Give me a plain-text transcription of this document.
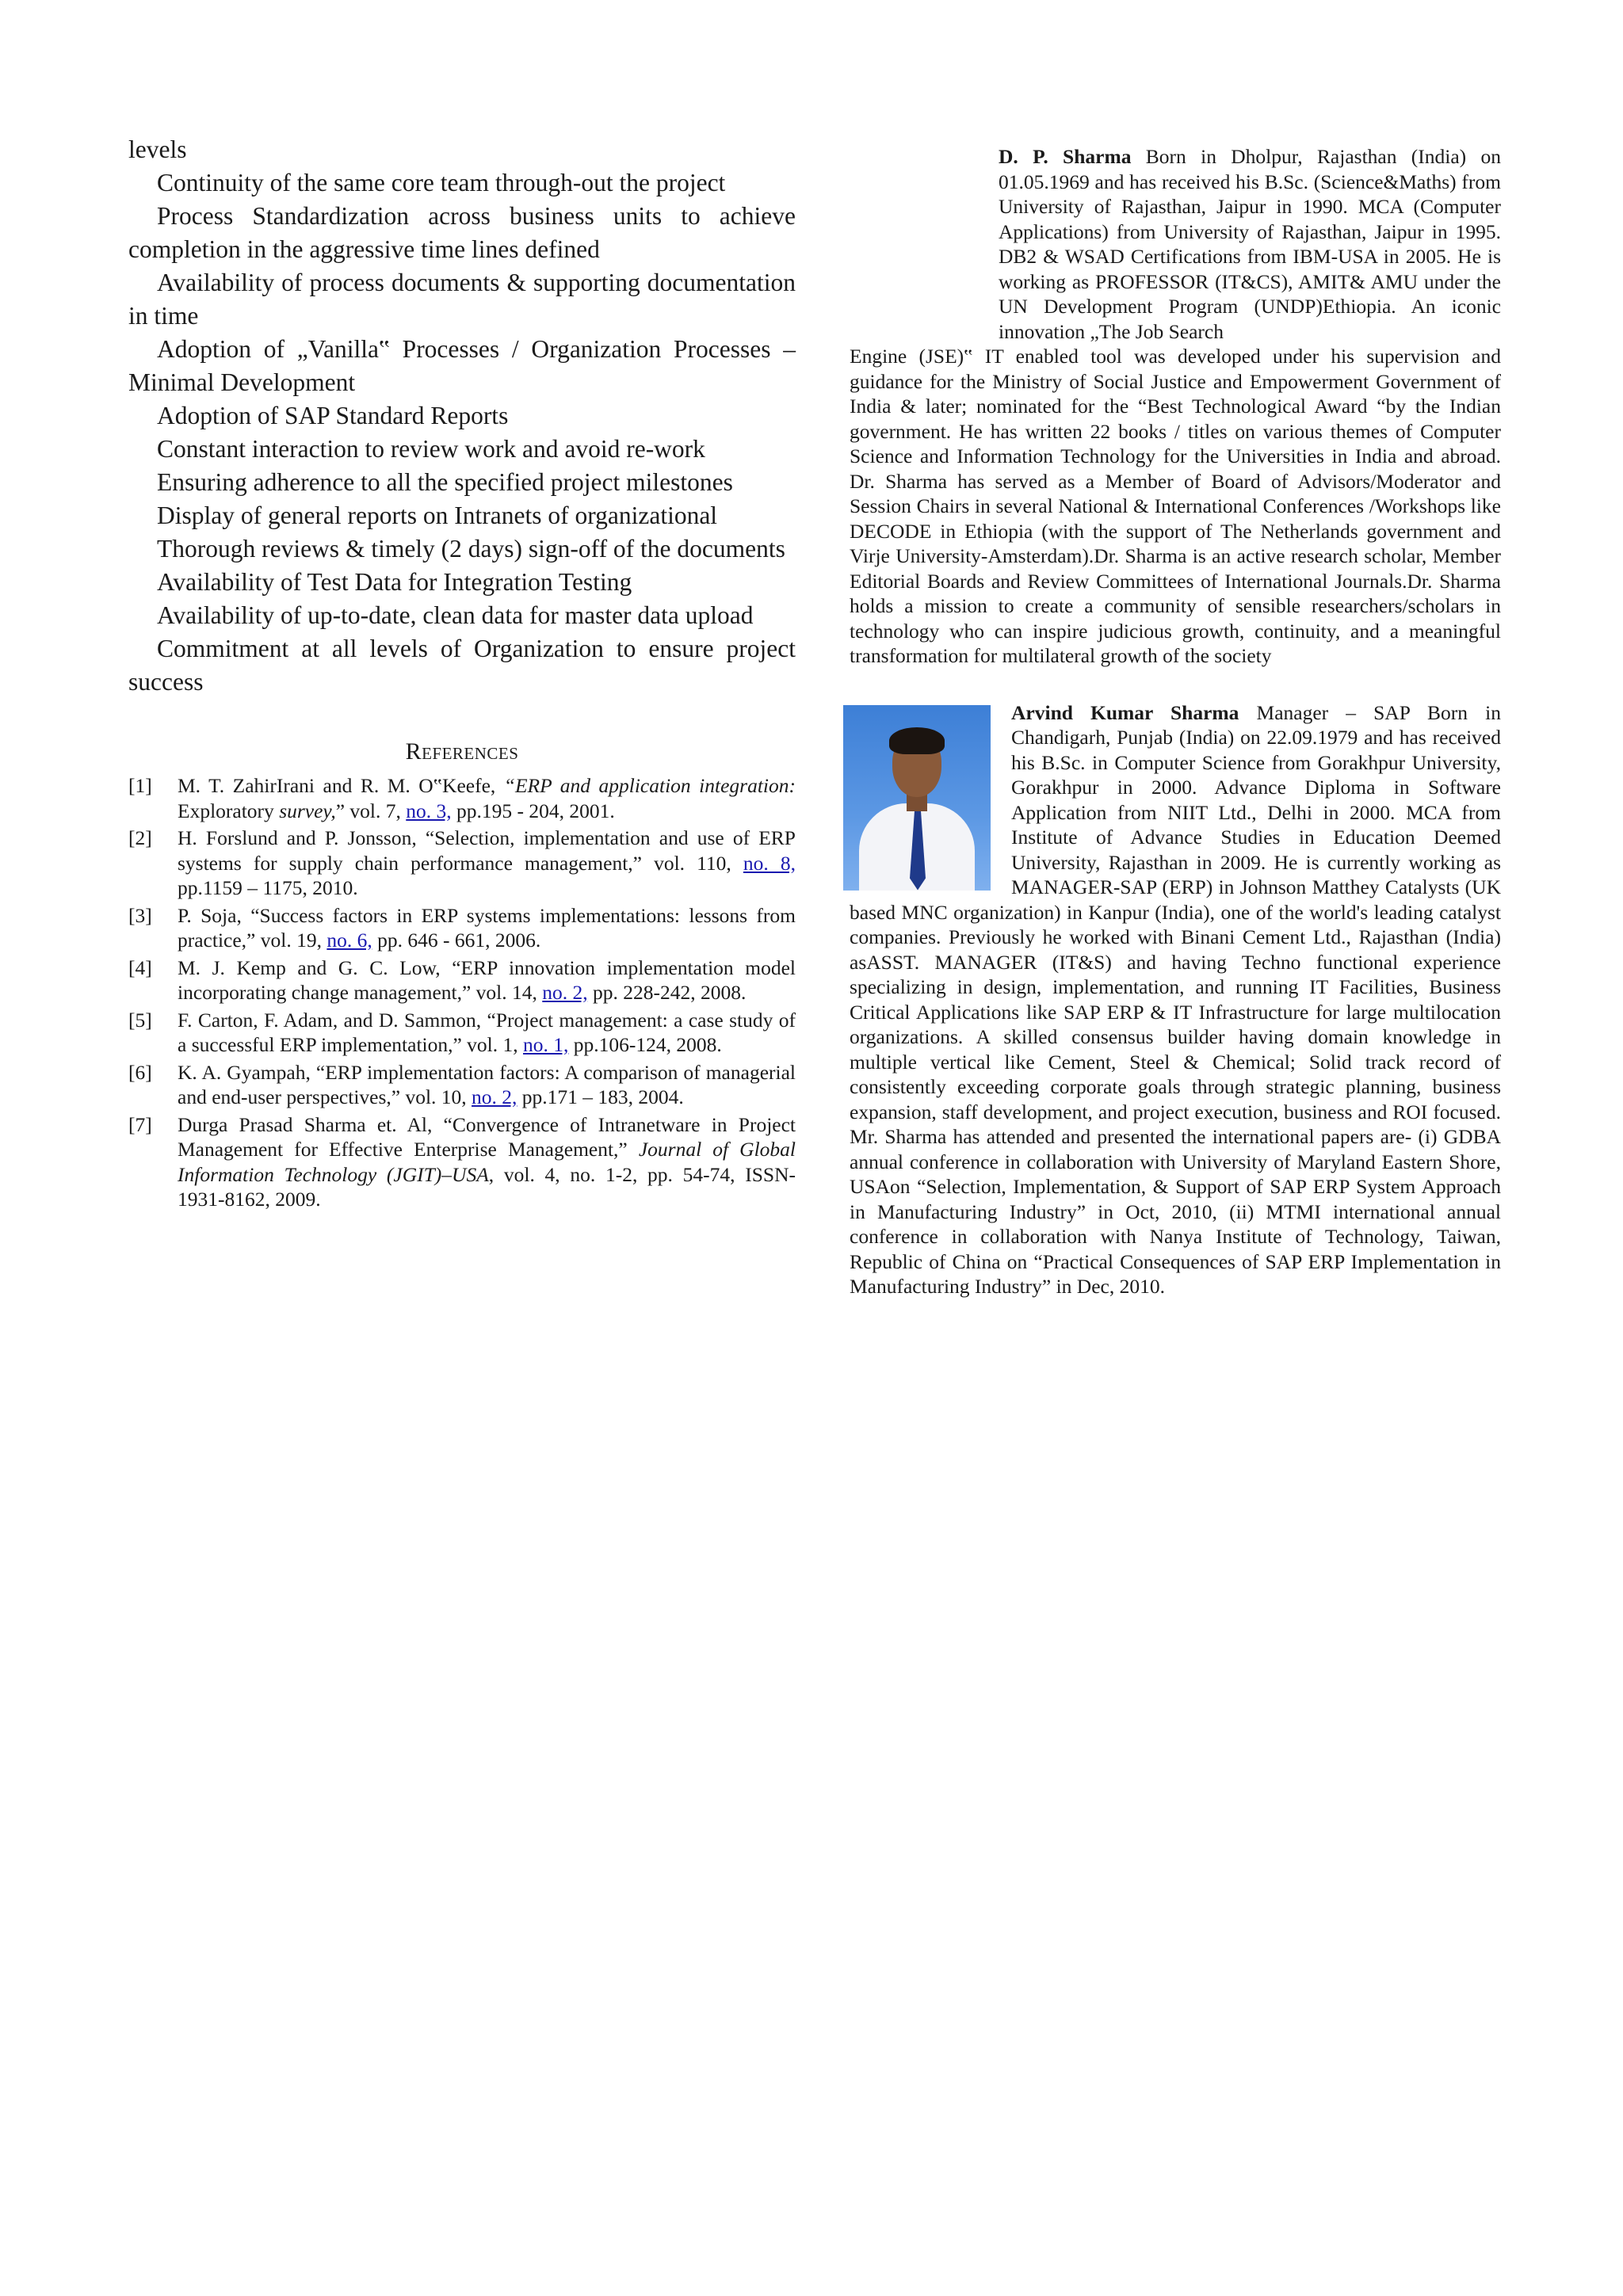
levels
Continuity of the same core team through-out the project
Process Standardization across business units to achieve completion in the aggressive time lines defined
Availability of process documents & supporting documentation in time
Adoption of „Vanilla‟ Processes / Organization Processes – Minimal Development
Adoption of SAP Standard Reports
Constant interaction to review work and avoid re-work
Ensuring adherence to all the specified project milestones
Display of general reports on Intranets of organizational
Thorough reviews & timely (2 days) sign-off of the documents
Availability of Test Data for Integration Testing
Availability of up-to-date, clean data for master data upload
Commitment at all levels of Organization to ensure project success
References
[1] M. T. ZahirIrani and R. M. O‟Keefe, “ERP and application integration: Exploratory survey,” vol. 7, no. 3, pp.195 - 204, 2001.
[2] H. Forslund and P. Jonsson, “Selection, implementation and use of ERP systems for supply chain performance management,” vol. 110, no. 8, pp.1159 – 1175, 2010.
[3] P. Soja, “Success factors in ERP systems implementations: lessons from practice,” vol. 19, no. 6, pp. 646 - 661, 2006.
[4] M. J. Kemp and G. C. Low, “ERP innovation implementation model incorporating change management,” vol. 14, no. 2, pp. 228-242, 2008.
[5] F. Carton, F. Adam, and D. Sammon, “Project management: a case study of a successful ERP implementation,” vol. 1, no. 1, pp.106-124, 2008.
[6] K. A. Gyampah, “ERP implementation factors: A comparison of managerial and end-user perspectives,” vol. 10, no. 2, pp.171 – 183, 2004.
[7] Durga Prasad Sharma et. Al, “Convergence of Intranetware in Project Management for Effective Enterprise Management,” Journal of Global Information Technology (JGIT)–USA, vol. 4, no. 1-2, pp. 54-74, ISSN-1931-8162, 2009.

D. P. Sharma Born in Dholpur, Rajasthan (India) on 01.05.1969 and has received his B.Sc. (Science&Maths) from University of Rajasthan, Jaipur in 1990. MCA (Computer Applications) from University of Rajasthan, Jaipur in 1995. DB2 & WSAD Certifications from IBM-USA in 2005. He is working as PROFESSOR (IT&CS), AMIT& AMU under the UN Development Program (UNDP)Ethiopia. An iconic innovation „The Job Search
Engine (JSE)‟ IT enabled tool was developed under his supervision and guidance for the Ministry of Social Justice and Empowerment Government of India & later; nominated for the “Best Technological Award “by the Indian government. He has written 22 books / titles on various themes of Computer Science and Information Technology for the Universities in India and abroad. Dr. Sharma has served as a Member of Board of Advisors/Moderator and Session Chairs in several National & International Conferences /Workshops like DECODE in Ethiopia (with the support of The Netherlands government and Virje University-Amsterdam).Dr. Sharma is an active research scholar, Member Editorial Boards and Review Committees of International Journals.Dr. Sharma holds a mission to create a community of sensible researchers/scholars in technology who can inspire judicious growth, continuity, and a meaningful transformation for multilateral growth of the society

Arvind Kumar Sharma Manager – SAP Born in Chandigarh, Punjab (India) on 22.09.1979 and has received his B.Sc. in Computer Science from Gorakhpur University, Gorakhpur in 2000. Advance Diploma in Software Application from NIIT Ltd., Delhi in 2000. MCA from Institute of Advance Studies in Education Deemed University, Rajasthan in 2009. He is currently working as MANAGER-SAP (ERP) in Johnson Matthey Catalysts (UK based MNC organization) in Kanpur (India), one of the world's leading catalyst companies. Previously he worked with Binani Cement Ltd., Rajasthan (India) asASST. MANAGER (IT&S) and having Techno functional experience specializing in design, implementation, and running IT Facilities, Business Critical Applications like SAP ERP & IT Infrastructure for large multilocation organizations. A skilled consensus builder having domain knowledge in multiple vertical like Cement, Steel & Chemical; Solid track record of consistently exceeding corporate goals through strategic planning, business expansion, staff development, and project execution, business and ROI focused. Mr. Sharma has attended and presented the international papers are- (i) GDBA annual conference in collaboration with University of Maryland Eastern Shore, USAon “Selection, Implementation, & Support of SAP ERP System Approach in Manufacturing Industry” in Oct, 2010, (ii) MTMI international annual conference in collaboration with Nanya Institute of Technology, Taiwan, Republic of China on “Practical Consequences of SAP ERP Implementation in Manufacturing Industry” in Dec, 2010.
